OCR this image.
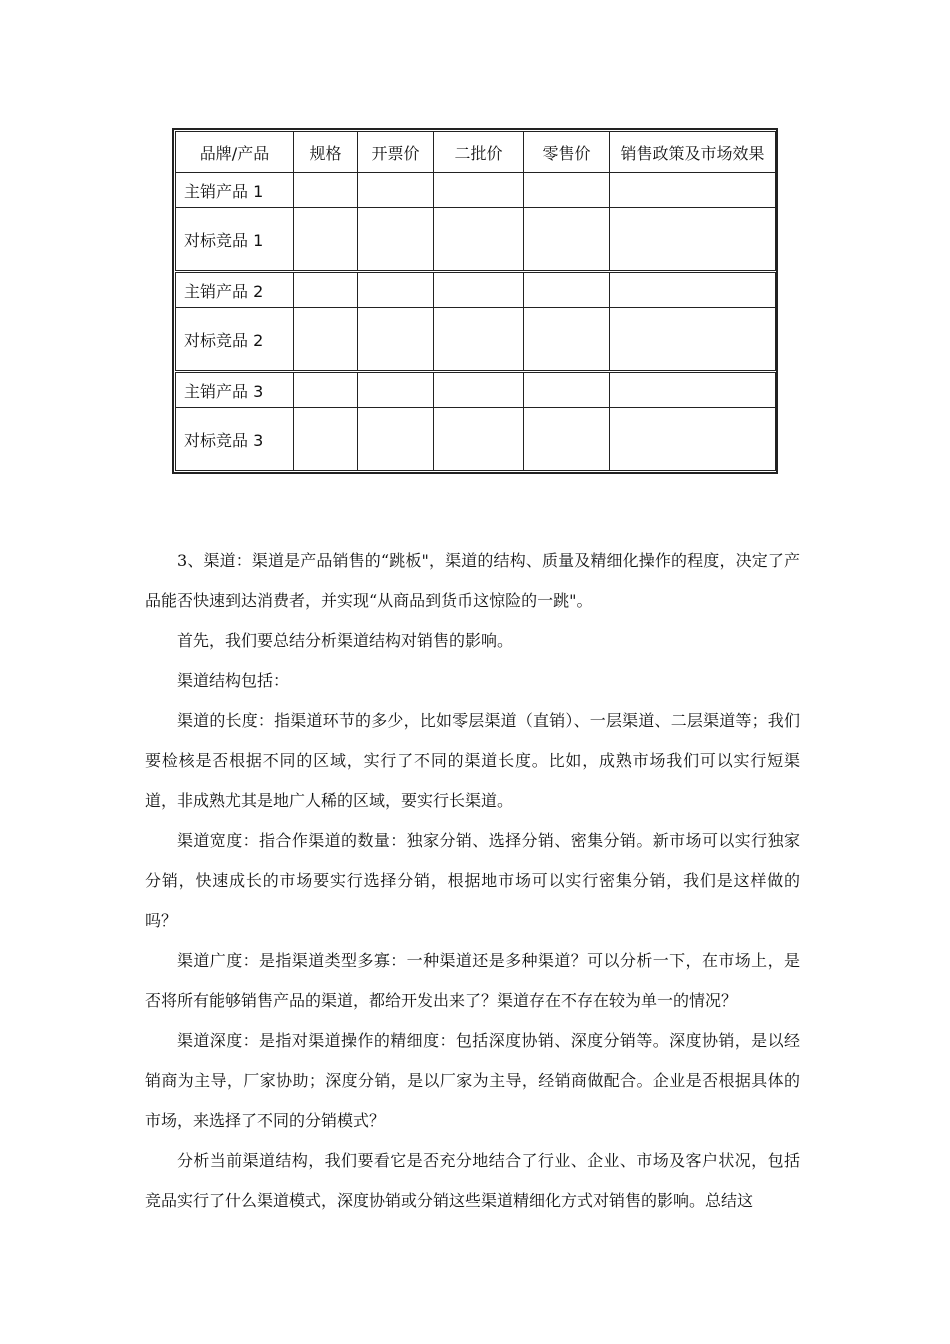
品牌/产品	规格	开票价	二批价	零售价	销售政策及市场效果
主销产品 1					
对标竞品 1					
主销产品 2					
对标竞品 2					
主销产品 3					
对标竞品 3					

3、渠道：渠道是产品销售的“跳板"，渠道的结构、质量及精细化操作的程度，决定了产品能否快速到达消费者，并实现“从商品到货币这惊险的一跳"。

首先，我们要总结分析渠道结构对销售的影响。

渠道结构包括：

渠道的长度：指渠道环节的多少，比如零层渠道（直销）、一层渠道、二层渠道等；我们要检核是否根据不同的区域，实行了不同的渠道长度。比如，成熟市场我们可以实行短渠道，非成熟尤其是地广人稀的区域，要实行长渠道。

渠道宽度：指合作渠道的数量：独家分销、选择分销、密集分销。新市场可以实行独家分销，快速成长的市场要实行选择分销，根据地市场可以实行密集分销，我们是这样做的吗？

渠道广度：是指渠道类型多寡：一种渠道还是多种渠道？可以分析一下，在市场上，是否将所有能够销售产品的渠道，都给开发出来了？渠道存在不存在较为单一的情况？

渠道深度：是指对渠道操作的精细度：包括深度协销、深度分销等。深度协销，是以经销商为主导，厂家协助；深度分销，是以厂家为主导，经销商做配合。企业是否根据具体的市场，来选择了不同的分销模式？

分析当前渠道结构，我们要看它是否充分地结合了行业、企业、市场及客户状况，包括竞品实行了什么渠道模式，深度协销或分销这些渠道精细化方式对销售的影响。总结这
